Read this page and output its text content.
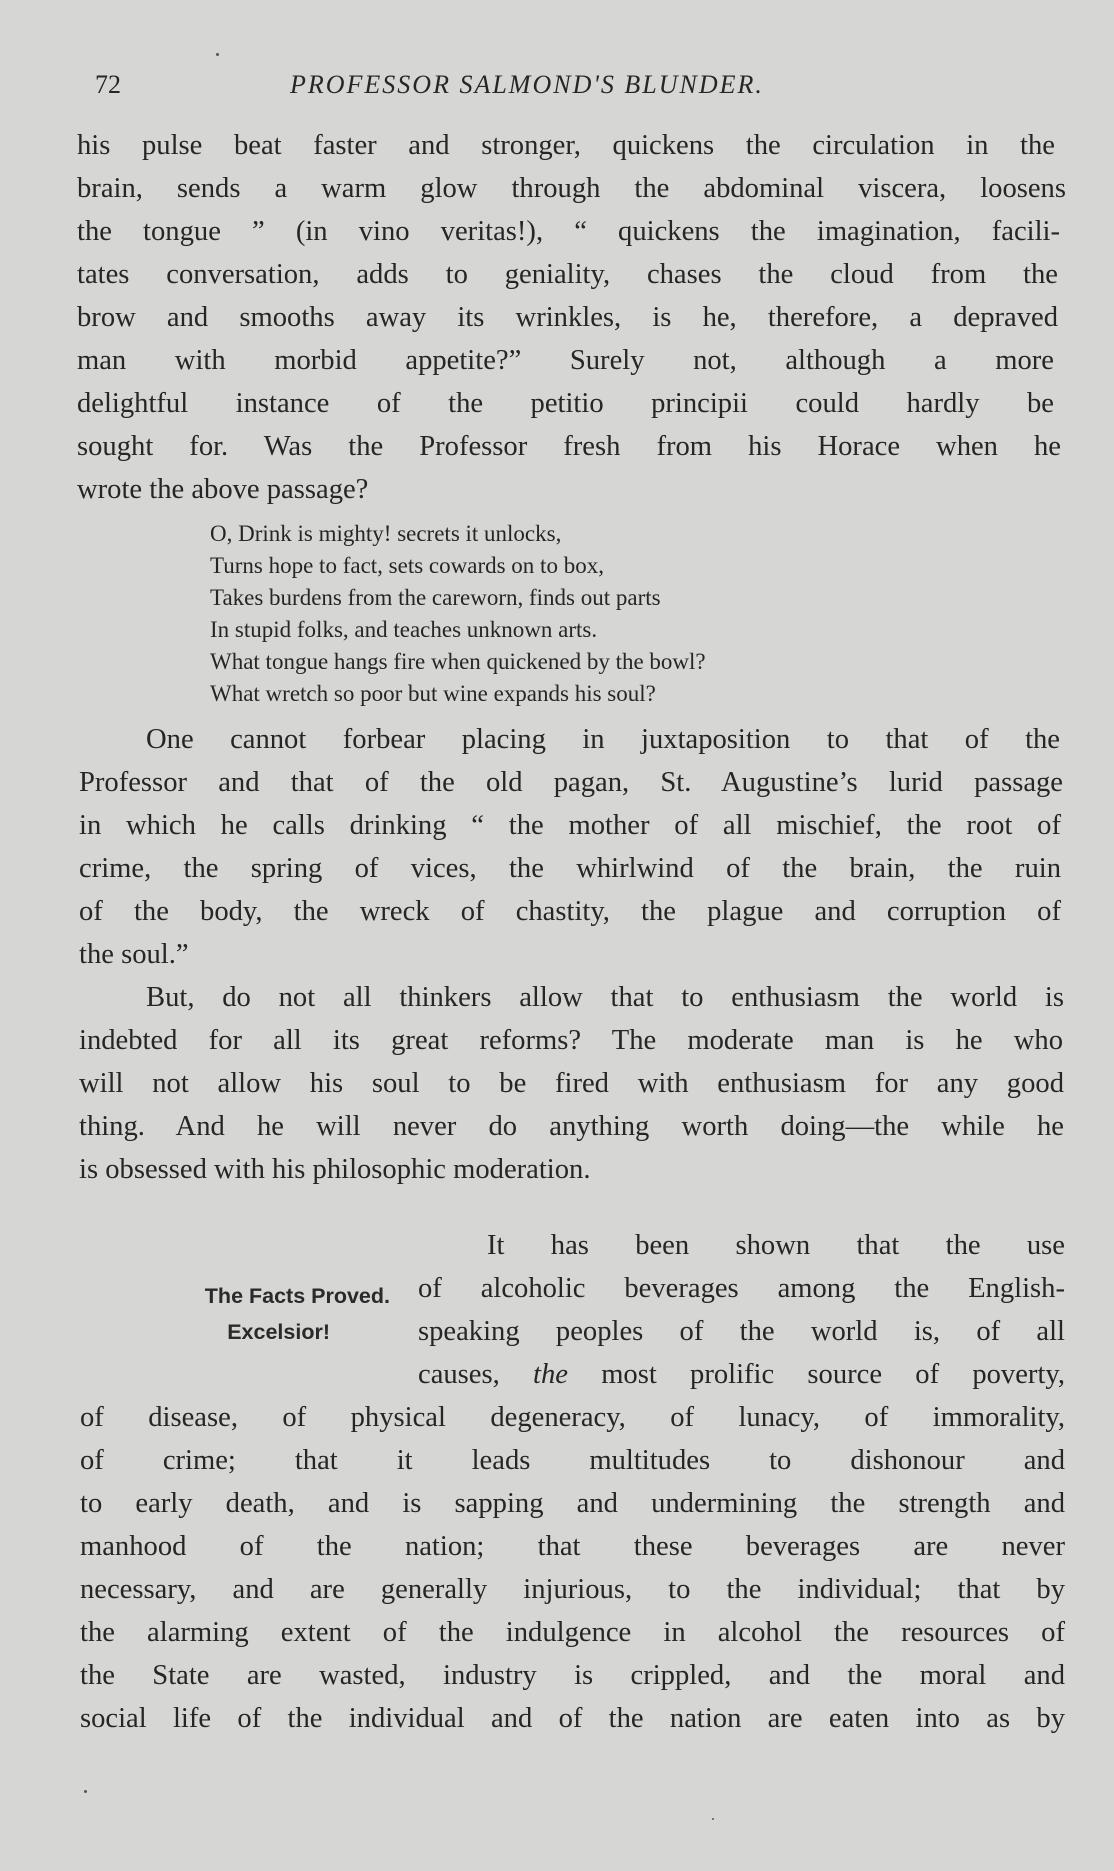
72	PROFESSOR SALMOND'S BLUNDER.
his pulse beat faster and stronger, quickens the circulation in the
brain, sends a warm glow through the abdominal viscera, loosens
the tongue ” (in vino veritas!), “ quickens the imagination, facili-
tates conversation, adds to geniality, chases the cloud from the
brow and smooths away its wrinkles, is he, therefore, a depraved
man with morbid appetite?” Surely not, although a more
delightful instance of the petitio principii could hardly be
sought for. Was the Professor fresh from his Horace when he
wrote the above passage?
O, Drink is mighty! secrets it unlocks,
Turns hope to fact, sets cowards on to box,
Takes burdens from the careworn, finds out parts
In stupid folks, and teaches unknown arts.
What tongue hangs fire when quickened by the bowl?
What wretch so poor but wine expands his soul?
One cannot forbear placing in juxtaposition to that of the
Professor and that of the old pagan, St. Augustine’s lurid passage
in which he calls drinking “ the mother of all mischief, the root of
crime, the spring of vices, the whirlwind of the brain, the ruin
of the body, the wreck of chastity, the plague and corruption of
the soul.”
But, do not all thinkers allow that to enthusiasm the world is
indebted for all its great reforms? The moderate man is he who
will not allow his soul to be fired with enthusiasm for any good
thing. And he will never do anything worth doing—the while he
is obsessed with his philosophic moderation.
The Facts Proved.
Excelsior!
It has been shown that the use
of alcoholic beverages among the English-
speaking peoples of the world is, of all
causes, the most prolific source of poverty,
of disease, of physical degeneracy, of lunacy, of immorality,
of crime; that it leads multitudes to dishonour and
to early death, and is sapping and undermining the strength and
manhood of the nation; that these beverages are never
necessary, and are generally injurious, to the individual; that by
the alarming extent of the indulgence in alcohol the resources of
the State are wasted, industry is crippled, and the moral and
social life of the individual and of the nation are eaten into as by
